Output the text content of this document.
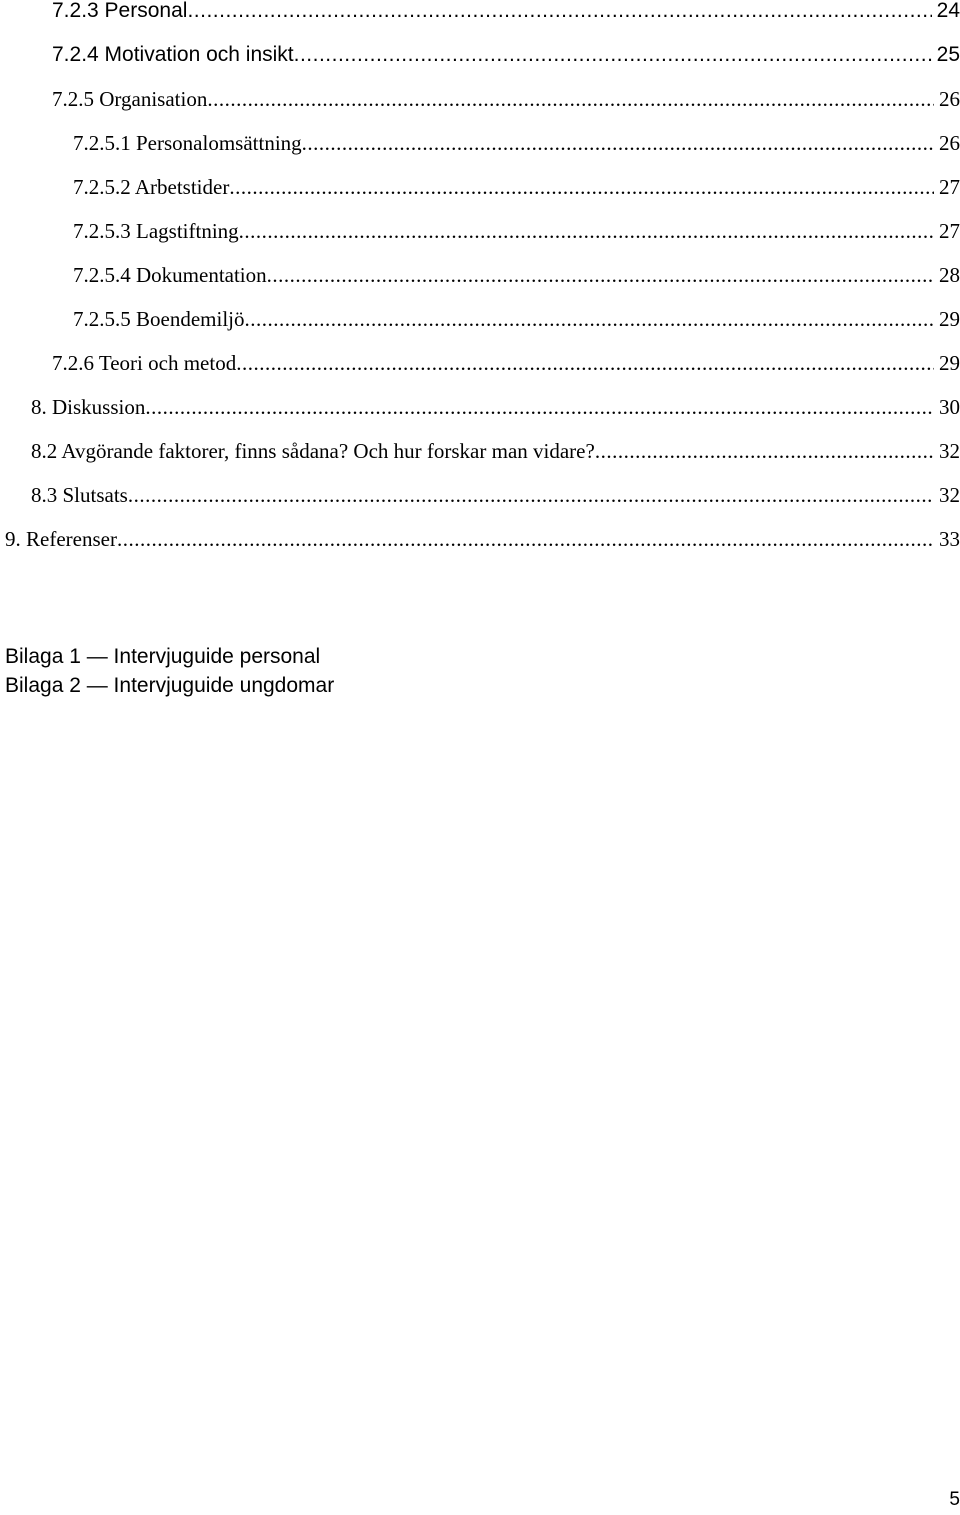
7.2.3 Personal .....	24
7.2.4 Motivation och insikt .....	25
7.2.5 Organisation .....	26
7.2.5.1 Personalomsättning .....	26
7.2.5.2 Arbetstider .....	27
7.2.5.3 Lagstiftning .....	27
7.2.5.4 Dokumentation .....	28
7.2.5.5 Boendemiljö .....	29
7.2.6 Teori och metod .....	29
8. Diskussion .....	30
8.2 Avgörande faktorer, finns sådana? Och hur forskar man vidare? .....	32
8.3 Slutsats .....	32
9. Referenser .....	33
Bilaga 1 — Intervjuguide personal
Bilaga 2 — Intervjuguide ungdomar
5
